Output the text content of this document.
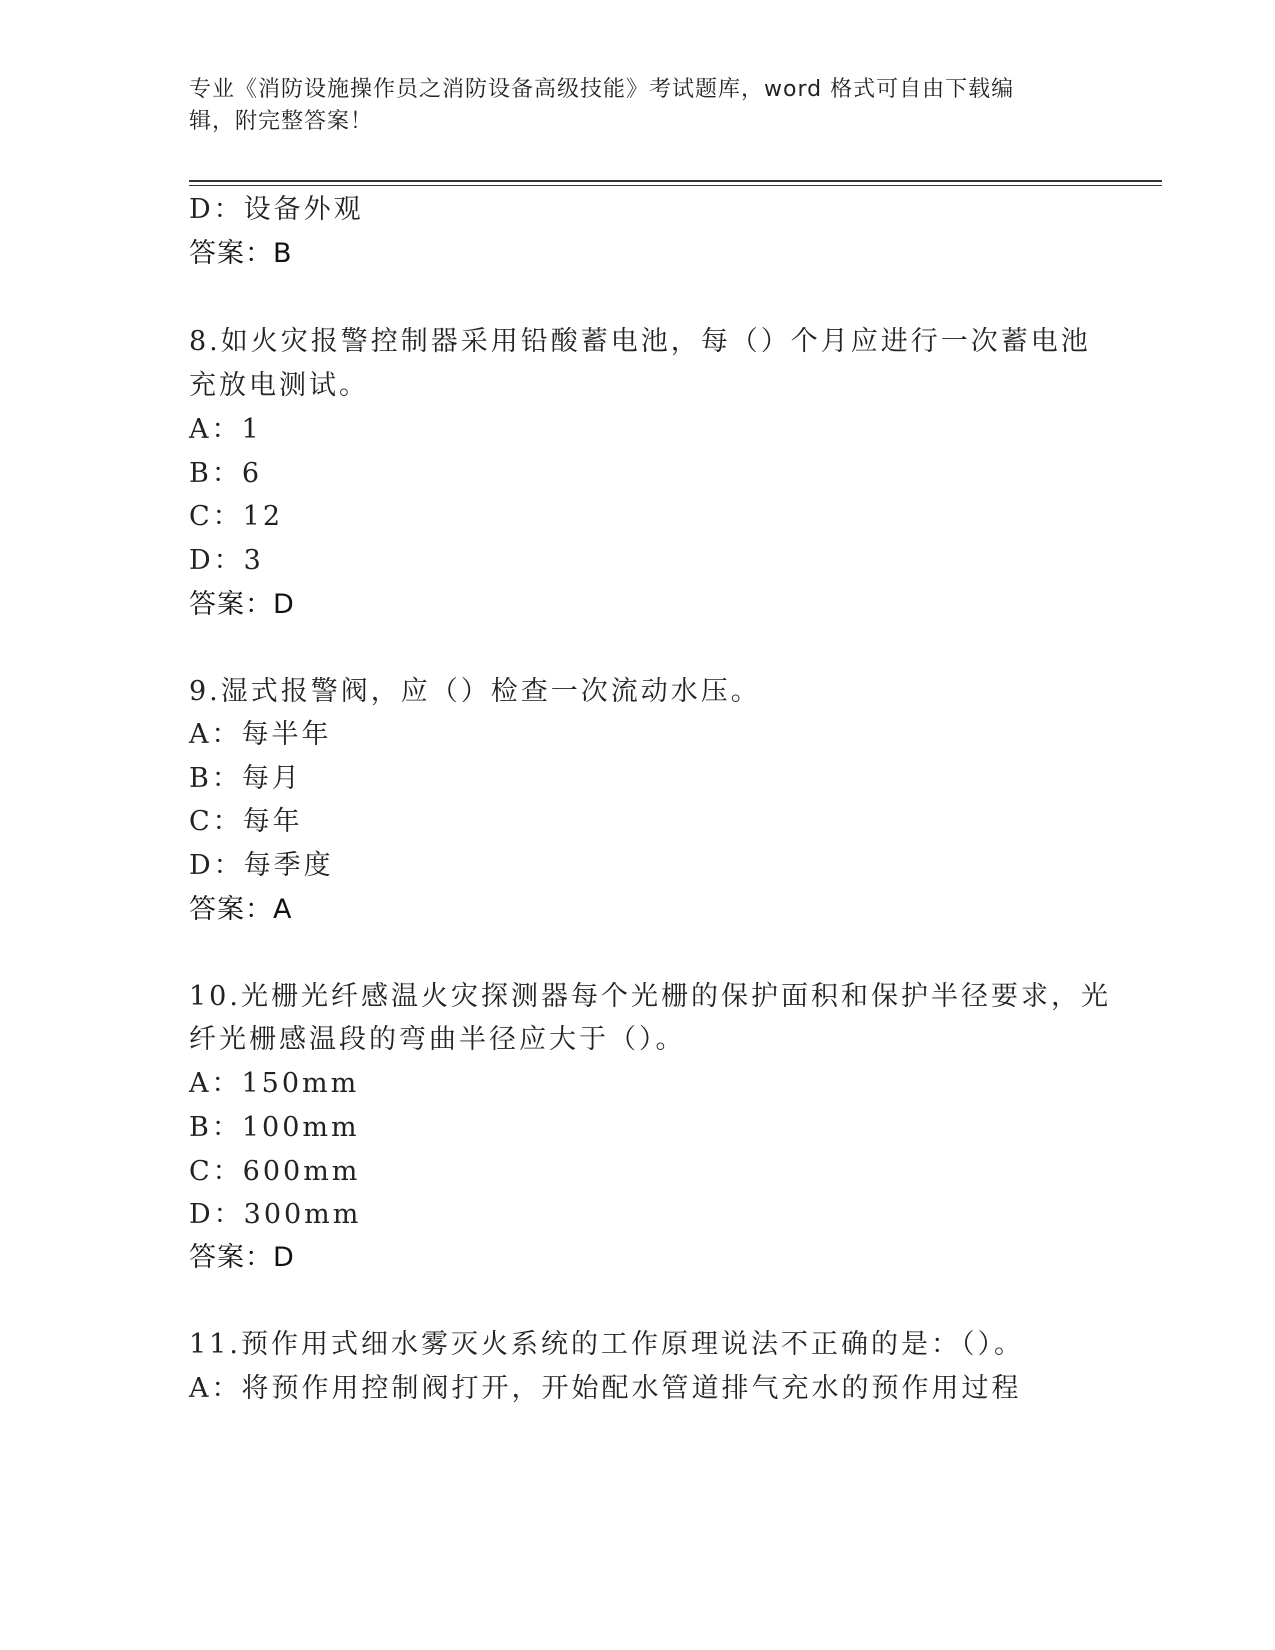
专业《消防设施操作员之消防设备高级技能》考试题库，word 格式可自由下载编
辑，附完整答案！
D：设备外观
答案：B
8.如火灾报警控制器采用铅酸蓄电池，每（）个月应进行一次蓄电池
充放电测试。
A：1
B：6
C：12
D：3
答案：D
9.湿式报警阀，应（）检查一次流动水压。
A：每半年
B：每月
C：每年
D：每季度
答案：A
10.光栅光纤感温火灾探测器每个光栅的保护面积和保护半径要求，光
纤光栅感温段的弯曲半径应大于（）。
A：150mm
B：100mm
C：600mm
D：300mm
答案：D
11.预作用式细水雾灭火系统的工作原理说法不正确的是：（）。
A：将预作用控制阀打开，开始配水管道排气充水的预作用过程
